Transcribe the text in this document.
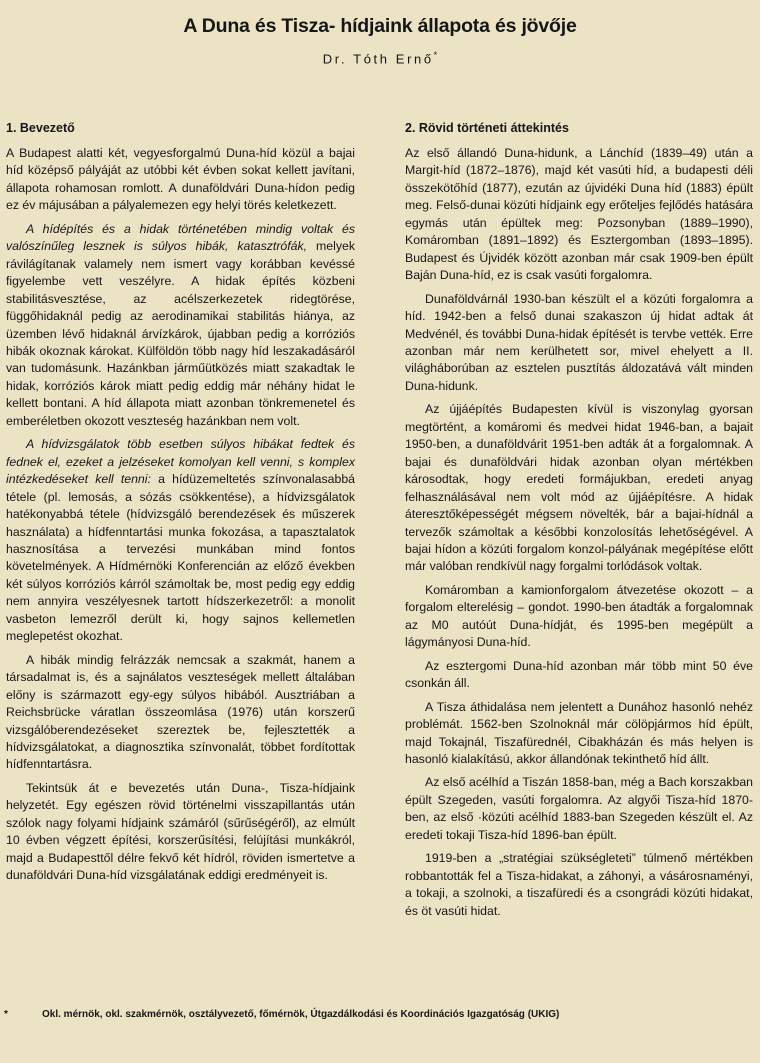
A Duna és Tisza- hídjaink állapota és jövője
Dr. Tóth Ernő*
1. Bevezető

A Budapest alatti két, vegyesforgalmú Duna-híd közül a bajai híd középső pályáját az utóbbi két évben sokat kellett javítani, állapota rohamosan romlott. A dunaföldvári Duna-hídon pedig ez év májusában a pályalemezen egy helyi törés keletkezett.

A hídépítés és a hidak történetében mindig voltak és valószínűleg lesznek is súlyos hibák, katasztrófák, melyek rávilágítanak valamely nem ismert vagy korábban kevéssé figyelembe vett veszélyre. A hidak építés közbeni stabilitásvesztése, az acélszerkezetek ridegtörése, függőhidaknál pedig az aerodinamikai stabilitás hiánya, az üzemben lévő hidaknál árvízkárok, újabban pedig a korróziós hibák okoznak károkat. Külföldön több nagy híd leszakadásáról van tudomásunk. Hazánkban járműütközés miatt szakadtak le hidak, korróziós károk miatt pedig eddig már néhány hidat le kellett bontani. A híd állapota miatt azonban tönkremenetel és emberéletben okozott veszteség hazánkban nem volt.

A hídvizsgálatok több esetben súlyos hibákat fedtek és fednek el, ezeket a jelzéseket komolyan kell venni, s komplex intézkedéseket kell tenni: a hídüzemeltetés színvonalasabbá tétele (pl. lemosás, a sózás csökkentése), a hídvizsgálatok hatékonyabbá tétele (hídvizsgáló berendezések és műszerek használata) a hídfenntartási munka fokozása, a tapasztalatok hasznosítása a tervezési munkában mind fontos követelmények. A Hídmérnöki Konferencián az előző években két súlyos korróziós kárról számoltak be, most pedig egy eddig nem annyira veszélyesnek tartott hídszerkezetről: a monolit vasbeton lemezről derült ki, hogy sajnos kellemetlen meglepetést okozhat.

A hibák mindig felrázzák nemcsak a szakmát, hanem a társadalmat is, és a sajnálatos veszteségek mellett általában előny is származott egy-egy súlyos hibából. Ausztriában a Reichsbrücke váratlan összeomlása (1976) után korszerű vizsgálóberendezéseket szereztek be, fejlesztették a hídvizsgálatokat, a diagnosztika színvonalát, többet fordítottak hídfenntartásra.

Tekintsük át e bevezetés után Duna-, Tisza-hídjaink helyzetét. Egy egészen rövid történelmi visszapillantás után szólok nagy folyami hídjaink számáról (sűrűségéről), az elmúlt 10 évben végzett építési, korszerűsítési, felújítási munkákról, majd a Budapesttől délre fekvő két hídról, röviden ismertetve a dunaföldvári Duna-híd vizsgálatának eddigi eredményeit is.

2. Rövid történeti áttekintés

Az első állandó Duna-hidunk, a Lánchíd (1839–49) után a Margit-híd (1872–1876), majd két vasúti híd, a budapesti déli összekötőhíd (1877), ezután az újvidéki Duna híd (1883) épült meg. Felső-dunai közúti hídjaink egy erőteljes fejlődés hatására egymás után épültek meg: Pozsonyban (1889–1990), Komáromban (1891–1892) és Esztergomban (1893–1895). Budapest és Újvidék között azonban már csak 1909-ben épült Baján Duna-híd, ez is csak vasúti forgalomra.

Dunaföldvárnál 1930-ban készült el a közúti forgalomra a híd. 1942-ben a felső dunai szakaszon új hidat adtak át Medvénél, és további Duna-hidak építését is tervbe vették. Erre azonban már nem kerülhetett sor, mivel ehelyett a II. világháborúban az esztelen pusztítás áldozatává vált minden Duna-hidunk.

Az újjáépítés Budapesten kívül is viszonylag gyorsan megtörtént, a komáromi és medvei hidat 1946-ban, a bajait 1950-ben, a dunaföldvárit 1951-ben adták át a forgalomnak. A bajai és dunaföldvári hidak azonban olyan mértékben károsodtak, hogy eredeti formájukban, eredeti anyag felhasználásával nem volt mód az újjáépítésre. A hidak áteresztőképességét mégsem növelték, bár a bajai-hídnál a tervezők számoltak a későbbi konzolosítás lehetőségével. A bajai hídon a közúti forgalom konzol-pályának megépítése előtt már valóban rendkívül nagy forgalmi torlódások voltak.

Komáromban a kamionforgalom átvezetése okozott – a forgalom elterelésig – gondot. 1990-ben átadták a forgalomnak az M0 autóút Duna-hídját, és 1995-ben megépült a lágymányosi Duna-híd.

Az esztergomi Duna-híd azonban már több mint 50 éve csonkán áll.

A Tisza áthidalása nem jelentett a Dunához hasonló nehéz problémát. 1562-ben Szolnoknál már cölöpjármos híd épült, majd Tokajnál, Tiszafürednél, Cibakházán és más helyen is hasonló kialakítású, akkor állandónak tekinthető híd állt.

Az első acélhíd a Tiszán 1858-ban, még a Bach korszakban épült Szegeden, vasúti forgalomra. Az algyői Tisza-híd 1870-ben, az első ·közúti acélhíd 1883-ban Szegeden készült el. Az eredeti tokaji Tisza-híd 1896-ban épült.

1919-ben a „stratégiai szükségleteti” túlmenő mértékben robbantották fel a Tisza-hidakat, a záhonyi, a vásárosnaményi, a tokaji, a szolnoki, a tiszafüredi és a csongrádi közúti hidakat, és öt vasúti hidat.

*	Okl. mérnök, okl. szakmérnök, osztályvezető, főmérnök, Útgazdálkodási és Koordinációs Igazgatóság (UKIG)
